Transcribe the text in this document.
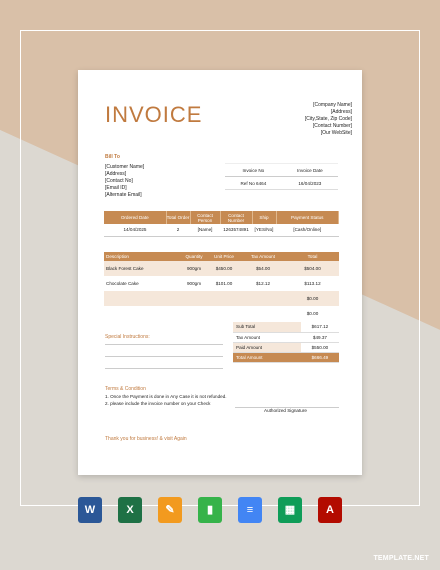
INVOICE	[Company Name]
[Address]
[City,State, Zip Code]
[Contact Number]
[Our WebSite]
Bill To
[Customer Name]
[Address]
[Contact No]
[Email ID]
[Alternate Email]
Invoice No	Invoice Date
Ref No 6464	16/04/2023
Ordered Date	Total Order	Contact Person	Contact Number	Ship	Payment Status
14/04/2025	2	[Name]	1263574891	[YES/No]	[Cash/Online]
Description	Quantity	Unit Price	Tax Amount	Total
Black Forest Cake	900gm	$450.00	$54.00	$504.00
Chocolate Cake	900gm	$101.00	$12.12	$113.12
				$0.00
				$0.00
Sub Total	$617.12
Tax Amount	$49.37
Paid Amount	$550.00
Total Amount	$666.49
Special Instructions:
Terms & Condition
1. Once the Payment is done in Any Case it is not refunded.
2. please include the invoice number on your Check
Authorized Signature
Thank you for business! & visit Again
W	X	✎	▮	≡	▦	A
TEMPLATE.NET
